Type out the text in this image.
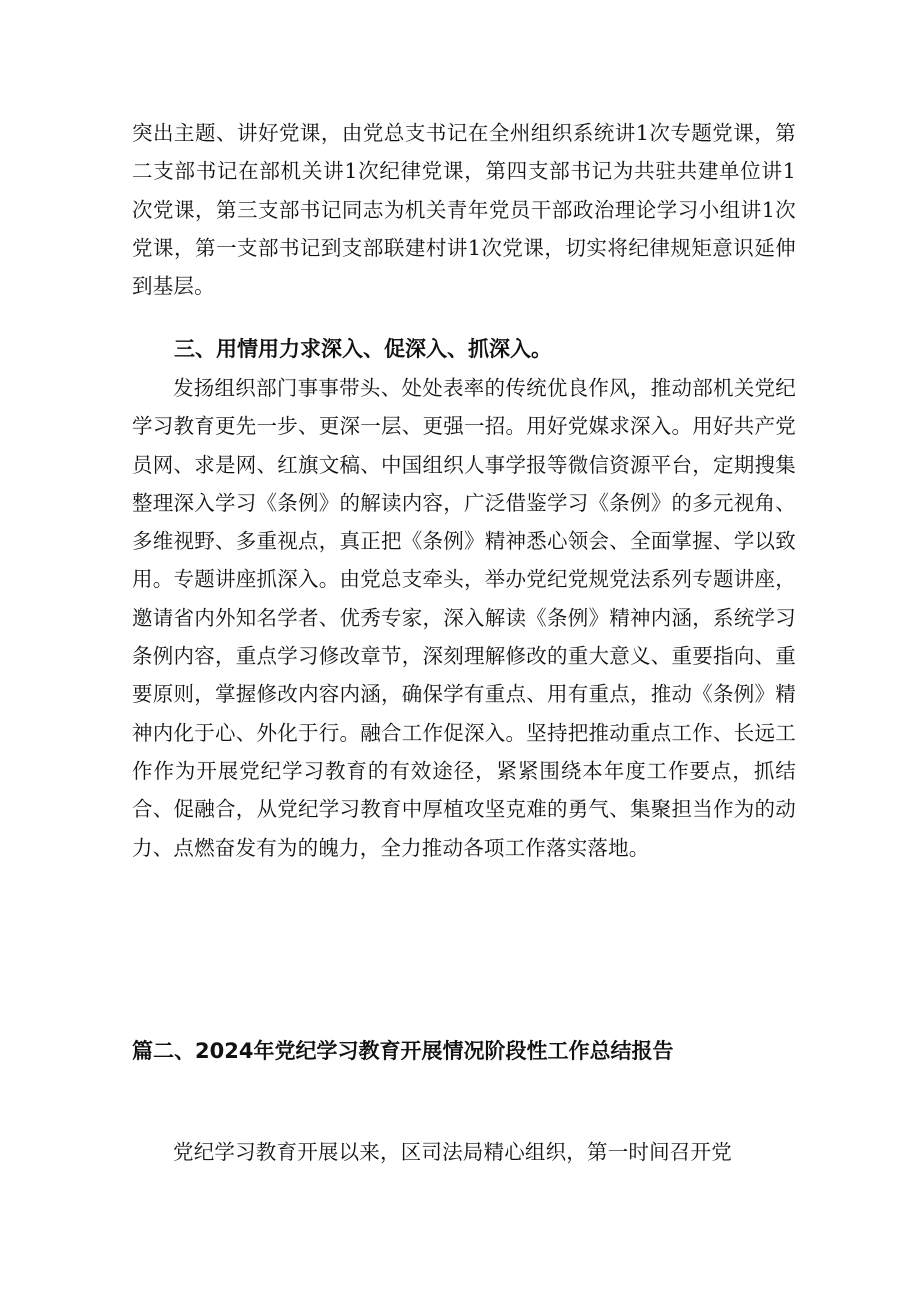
突出主题、讲好党课，由党总支书记在全州组织系统讲1次专题党课，第二支部书记在部机关讲1次纪律党课，第四支部书记为共驻共建单位讲1次党课，第三支部书记同志为机关青年党员干部政治理论学习小组讲1次党课，第一支部书记到支部联建村讲1次党课，切实将纪律规矩意识延伸到基层。

三、用情用力求深入、促深入、抓深入。

发扬组织部门事事带头、处处表率的传统优良作风，推动部机关党纪学习教育更先一步、更深一层、更强一招。用好党媒求深入。用好共产党员网、求是网、红旗文稿、中国组织人事学报等微信资源平台，定期搜集整理深入学习《条例》的解读内容，广泛借鉴学习《条例》的多元视角、多维视野、多重视点，真正把《条例》精神悉心领会、全面掌握、学以致用。专题讲座抓深入。由党总支牵头，举办党纪党规党法系列专题讲座，邀请省内外知名学者、优秀专家，深入解读《条例》精神内涵，系统学习条例内容，重点学习修改章节，深刻理解修改的重大意义、重要指向、重要原则，掌握修改内容内涵，确保学有重点、用有重点，推动《条例》精神内化于心、外化于行。融合工作促深入。坚持把推动重点工作、长远工作作为开展党纪学习教育的有效途径，紧紧围绕本年度工作要点，抓结合、促融合，从党纪学习教育中厚植攻坚克难的勇气、集聚担当作为的动力、点燃奋发有为的魄力，全力推动各项工作落实落地。

篇二、2024年党纪学习教育开展情况阶段性工作总结报告

党纪学习教育开展以来，区司法局精心组织，第一时间召开党
